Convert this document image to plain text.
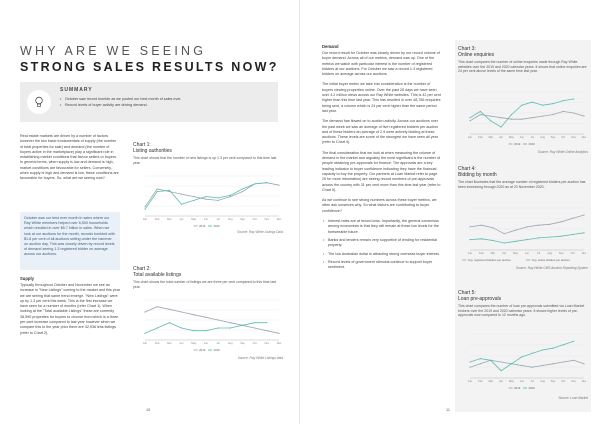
WHY ARE WE SEEING
STRONG SALES RESULTS NOW?
SUMMARY
• October saw record bumble as we posted our best month of sales ever.
• Record levels of buyer activity are driving demand.
Real estate markets are driven by a number of factors however the two basic fundamentals of supply (the number of total properties for sale) and demand (the number of buyers active in the marketplace) play a significant role in establishing market conditions that favour sellers or buyers. In general terms, when supply is low and demand is high, market conditions are favourable for sellers. Conversely, when supply is high and demand is low, these conditions are favourable for buyers. So, what are we seeing now?

October was our best ever month in sales where our Ray White members helped over 6,500 households which resulted in over $5.7 billion in sales. When we look at our auctions for the month, records tumbled with $1.8 per cent of all auctions selling under the hammer on auction day. This was closely driven by record levels of demand seeing 1.3 registered bidder on average across our auctions.

Supply
Typically throughout October and November we see an increase in "New Listings" coming to the market and this year we are seeing that same trend emerge. "New Listings" were up by 1.3 per cent this week. This is the first increase we have seen for a number of months (refer Chart 1). When looking at the "Total available Listings" these are currently 38,590 properties for buyers to choose from which is a three per cent increase compared to last year however when we compare this to the year prior there are 42,936 less listings (refer to Chart 2).
Chart 1:
Listing authorities
This chart shows that the number of new listings is up 1.3 per cent compared to this time last year.
Jan	Feb	Mar	Apr	May	Jun	Jul	Aug	Sep	Oct	Nov	Dec
2019	2020
Source: Ray White Listings Data
Chart 2:
Total available listings
This chart shows the total number of listings we are three per cent compared to this time last year.
Jan	Feb	Mar	Apr	May	Jun	Jul	Aug	Sep	Oct	Nov	Dec
2019	2020
Source: Ray White Listings data
10
Demand

Our record result for October was closely driven by our record volume of buyer demand. Across all of our metrics, demand was up. One of the metrics we watch with particular interest is the number of registered bidders at our auctions. For October we saw a record 1.3 registered bidders on average across our auctions.

The initial buyer metric we take into consideration is the number of buyers viewing properties online. Over the past 28 days we have seen over 4.2 million views across our Ray White websites. This is 42 per cent higher than this time last year. This has resulted in over 48,786 enquiries being sent, a volume which is 24 per cent higher than the same period last year.

The demand has flowed on to auction activity. Across our auctions over the past week we saw an average of five registered bidders per auction and of these bidders an average of 2.9 were actively bidding at these auctions. These levels are some of the strongest we have seen all year (refer to Chart 4).

The final consideration that we look at when measuring the volume of demand in the market and arguably the most significant is the number of people obtaining pre-approvals for finance. The approvals are a key leading indicator to buyer confidence indicating they have the financial capacity to buy the property. Our partners at Loan Market refer to page 20 for more information) are seeing record numbers of pre-approvals across the country with 31 per cent more than this time last year (refer to Chart 5).

As we continue to see strong numbers across these buyer metrics, we often ask ourselves why. So what factors are contributing to buyer confidence?

• Interest rates are at record lows. Importantly, the general consensus among economists is that they will remain at these low levels for the foreseeable future.
• Banks and lenders remain very supportive of lending for residential property.
• The low Australian dollar is attracting strong overseas buyer interest.
• Record levels of government stimulus continue to support buyer sentiment.
Chart 3:
Online enquiries
This chart compares the number of online enquiries made through Ray White websites over the 2019 and 2020 calendar years. It shows that online enquiries are 24 per cent above levels of the same time last year.
Jan Feb Mar Apr May Jun	Jul Aug Sep Oct Nov Dec
2019	2020
Source: Ray White Online Analytics
Chart 4:
Bidding by month
The chart illustrates that the average number of registered bidders per auction has been increasing through 2020 as at 23 November 2020.
Jan	Feb	Mar	Apr	May	Jun	Jul	Aug	Sep	Oct	Nov
Avg. registered bidders per auction	Avg. active bidders per auction
Source: Ray White CMS Auction Reporting System
Chart 5:
Loan pre-approvals
This chart compares the number of loan pre-approvals submitted via Loan Market brokers over the 2019 and 2020 calendar years. It shows higher levels of pre-approvals now compared to 12 months ago.
Jan Feb Mar Apr May Jun	Jul Aug Sep Oct Nov Dec
2019	2020
Source: Loan Market
11
